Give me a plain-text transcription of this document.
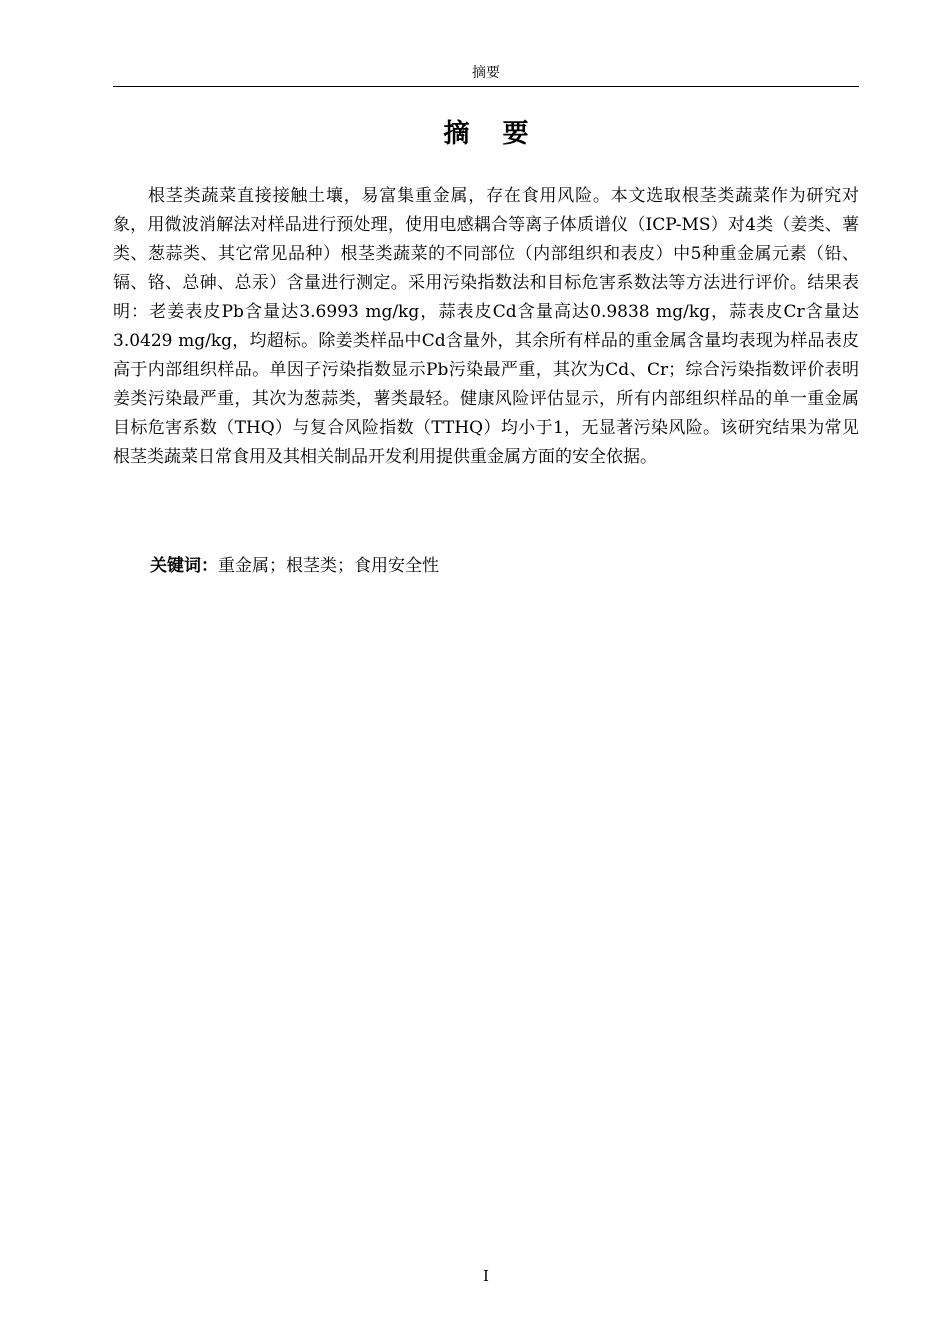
摘要
摘 要

根茎类蔬菜直接接触土壤，易富集重金属，存在食用风险。本文选取根茎类蔬菜作为研究对象，用微波消解法对样品进行预处理，使用电感耦合等离子体质谱仪（ICP-MS）对4类（姜类、薯类、葱蒜类、其它常见品种）根茎类蔬菜的不同部位（内部组织和表皮）中5种重金属元素（铅、镉、铬、总砷、总汞）含量进行测定。采用污染指数法和目标危害系数法等方法进行评价。结果表明：老姜表皮Pb含量达3.6993 mg/kg，蒜表皮Cd含量高达0.9838 mg/kg，蒜表皮Cr含量达3.0429 mg/kg，均超标。除姜类样品中Cd含量外，其余所有样品的重金属含量均表现为样品表皮高于内部组织样品。单因子污染指数显示Pb污染最严重，其次为Cd、Cr；综合污染指数评价表明姜类污染最严重，其次为葱蒜类，薯类最轻。健康风险评估显示，所有内部组织样品的单一重金属目标危害系数（THQ）与复合风险指数（TTHQ）均小于1，无显著污染风险。该研究结果为常见根茎类蔬菜日常食用及其相关制品开发利用提供重金属方面的安全依据。

关键词：重金属；根茎类；食用安全性
I
